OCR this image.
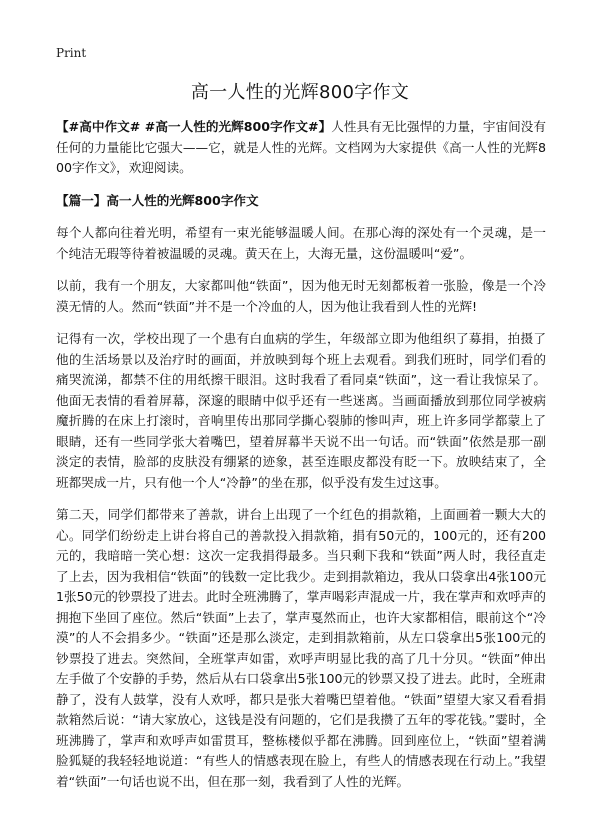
Print
高一人性的光辉800字作文

【#高中作文# #高一人性的光辉800字作文#】人性具有无比强悍的力量，宇宙间没有任何的力量能比它强大——它，就是人性的光辉。文档网为大家提供《高一人性的光辉800字作文》，欢迎阅读。

【篇一】高一人性的光辉800字作文

每个人都向往着光明，希望有一束光能够温暖人间。在那心海的深处有一个灵魂，是一个纯洁无瑕等待着被温暖的灵魂。黄天在上，大海无量，这份温暖叫“爱”。

以前，我有一个朋友，大家都叫他“铁面”，因为他无时无刻都板着一张脸，像是一个冷漠无情的人。然而“铁面”并不是一个冷血的人，因为他让我看到人性的光辉!

记得有一次，学校出现了一个患有白血病的学生，年级部立即为他组织了募捐，拍摄了他的生活场景以及治疗时的画面，并放映到每个班上去观看。到我们班时，同学们看的痛哭流涕，都禁不住的用纸擦干眼泪。这时我看了看同桌“铁面”，这一看让我惊呆了。他面无表情的看着屏幕，深邃的眼睛中似乎还有一些迷离。当画面播放到那位同学被病魔折腾的在床上打滚时，音响里传出那同学撕心裂肺的惨叫声，班上许多同学都蒙上了眼睛，还有一些同学张大着嘴巴，望着屏幕半天说不出一句话。而“铁面”依然是那一副淡定的表情，脸部的皮肤没有绷紧的迹象，甚至连眼皮都没有眨一下。放映结束了，全班都哭成一片，只有他一个人“冷静”的坐在那，似乎没有发生过这事。

第二天，同学们都带来了善款，讲台上出现了一个红色的捐款箱，上面画着一颗大大的心。同学们纷纷走上讲台将自己的善款投入捐款箱，捐有50元的，100元的，还有200元的，我暗暗一笑心想：这次一定我捐得最多。当只剩下我和“铁面”两人时，我径直走了上去，因为我相信“铁面”的钱数一定比我少。走到捐款箱边，我从口袋拿出4张100元1张50元的钞票投了进去。此时全班沸腾了，掌声喝彩声混成一片，我在掌声和欢呼声的拥抱下坐回了座位。然后“铁面”上去了，掌声戛然而止，也许大家都相信，眼前这个“冷漠”的人不会捐多少。“铁面”还是那么淡定，走到捐款箱前，从左口袋拿出5张100元的钞票投了进去。突然间，全班掌声如雷，欢呼声明显比我的高了几十分贝。“铁面”伸出左手做了个安静的手势，然后从右口袋拿出5张100元的钞票又投了进去。此时，全班肃静了，没有人鼓掌，没有人欢呼，都只是张大着嘴巴望着他。“铁面”望望大家又看看捐款箱然后说：“请大家放心，这钱是没有问题的，它们是我攒了五年的零花钱。”霎时，全班沸腾了，掌声和欢呼声如雷贯耳，整栋楼似乎都在沸腾。回到座位上，“铁面”望着满脸狐疑的我轻轻地说道：“有些人的情感表现在脸上，有些人的情感表现在行动上。”我望着“铁面”一句话也说不出，但在那一刻，我看到了人性的光辉。
